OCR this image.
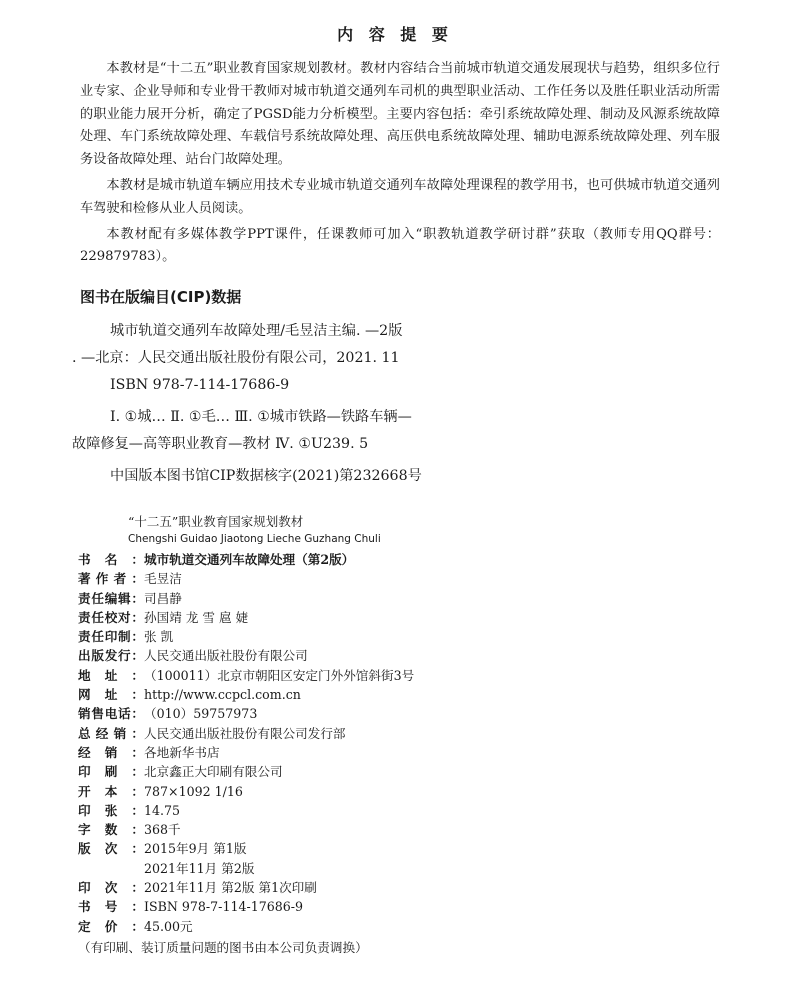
内 容 提 要

本教材是“十二五”职业教育国家规划教材。教材内容结合当前城市轨道交通发展现状与趋势，组织多位行业专家、企业导师和专业骨干教师对城市轨道交通列车司机的典型职业活动、工作任务以及胜任职业活动所需的职业能力展开分析，确定了PGSD能力分析模型。主要内容包括：牵引系统故障处理、制动及风源系统故障处理、车门系统故障处理、车载信号系统故障处理、高压供电系统故障处理、辅助电源系统故障处理、列车服务设备故障处理、站台门故障处理。

本教材是城市轨道车辆应用技术专业城市轨道交通列车故障处理课程的教学用书，也可供城市轨道交通列车驾驶和检修从业人员阅读。

本教材配有多媒体教学PPT课件，任课教师可加入“职教轨道教学研讨群”获取（教师专用QQ群号：229879783）。

图书在版编目(CIP)数据
城市轨道交通列车故障处理/毛昱洁主编. —2版
. —北京：人民交通出版社股份有限公司，2021. 11
ISBN 978-7-114-17686-9
Ⅰ. ①城… Ⅱ. ①毛… Ⅲ. ①城市铁路—铁路车辆—
故障修复—高等职业教育—教材 Ⅳ. ①U239. 5
中国版本图书馆CIP数据核字(2021)第232668号
“十二五”职业教育国家规划教材
Chengshi Guidao Jiaotong Lieche Guzhang Chuli
书 名 ： 城市轨道交通列车故障处理（第2版）
著 作 者 ： 毛昱洁
责 任 编 辑 ： 司昌静
责 任 校 对 ： 孙国靖 龙 雪 扈 婕
责 任 印 制 ： 张 凯
出 版 发 行 ： 人民交通出版社股份有限公司
地 址 ： （100011）北京市朝阳区安定门外外馆斜街3号
网 址 ： http://www.ccpcl.com.cn
销 售 电 话 ： （010）59757973
总 经 销 ： 人民交通出版社股份有限公司发行部
经 销 ： 各地新华书店
印 刷 ： 北京鑫正大印刷有限公司
开 本 ： 787×1092 1/16
印 张 ： 14.75
字 数 ： 368千
版 次 ： 2015年9月 第1版
2021年11月 第2版
印 次 ： 2021年11月 第2版 第1次印刷
书 号 ： ISBN 978-7-114-17686-9
定 价 ： 45.00元
（有印刷、装订质量问题的图书由本公司负责调换）
